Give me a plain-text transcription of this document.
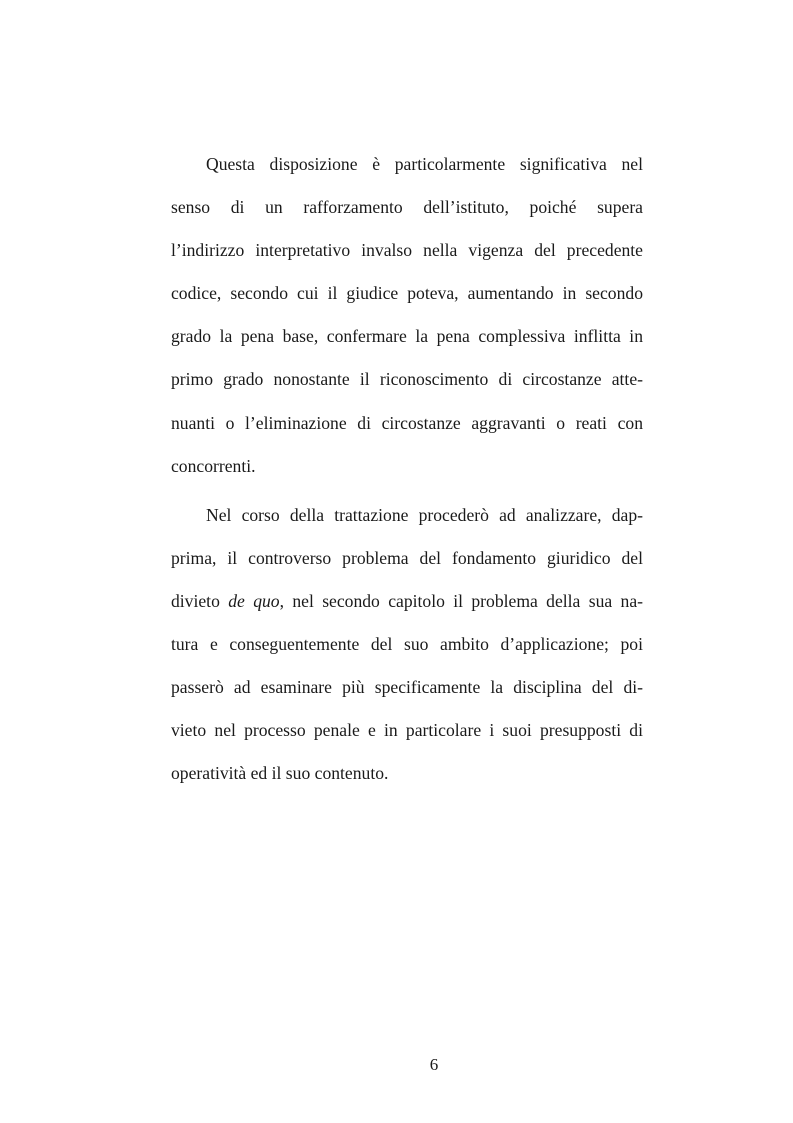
Questa disposizione è particolarmente significativa nel
senso di un rafforzamento dell’istituto, poiché supera
l’indirizzo interpretativo invalso nella vigenza del precedente
codice, secondo cui il giudice poteva, aumentando in secondo
grado la pena base, confermare la pena complessiva inflitta in
primo grado nonostante il riconoscimento di circostanze atte-
nuanti o l’eliminazione di circostanze aggravanti o reati con
concorrenti.

Nel corso della trattazione procederò ad analizzare, dap-
prima, il controverso problema del fondamento giuridico del
divieto de quo, nel secondo capitolo il problema della sua na-
tura e conseguentemente del suo ambito d’applicazione; poi
passerò ad esaminare più specificamente la disciplina del di-
vieto nel processo penale e in particolare i suoi presupposti di
operatività ed il suo contenuto.

6
